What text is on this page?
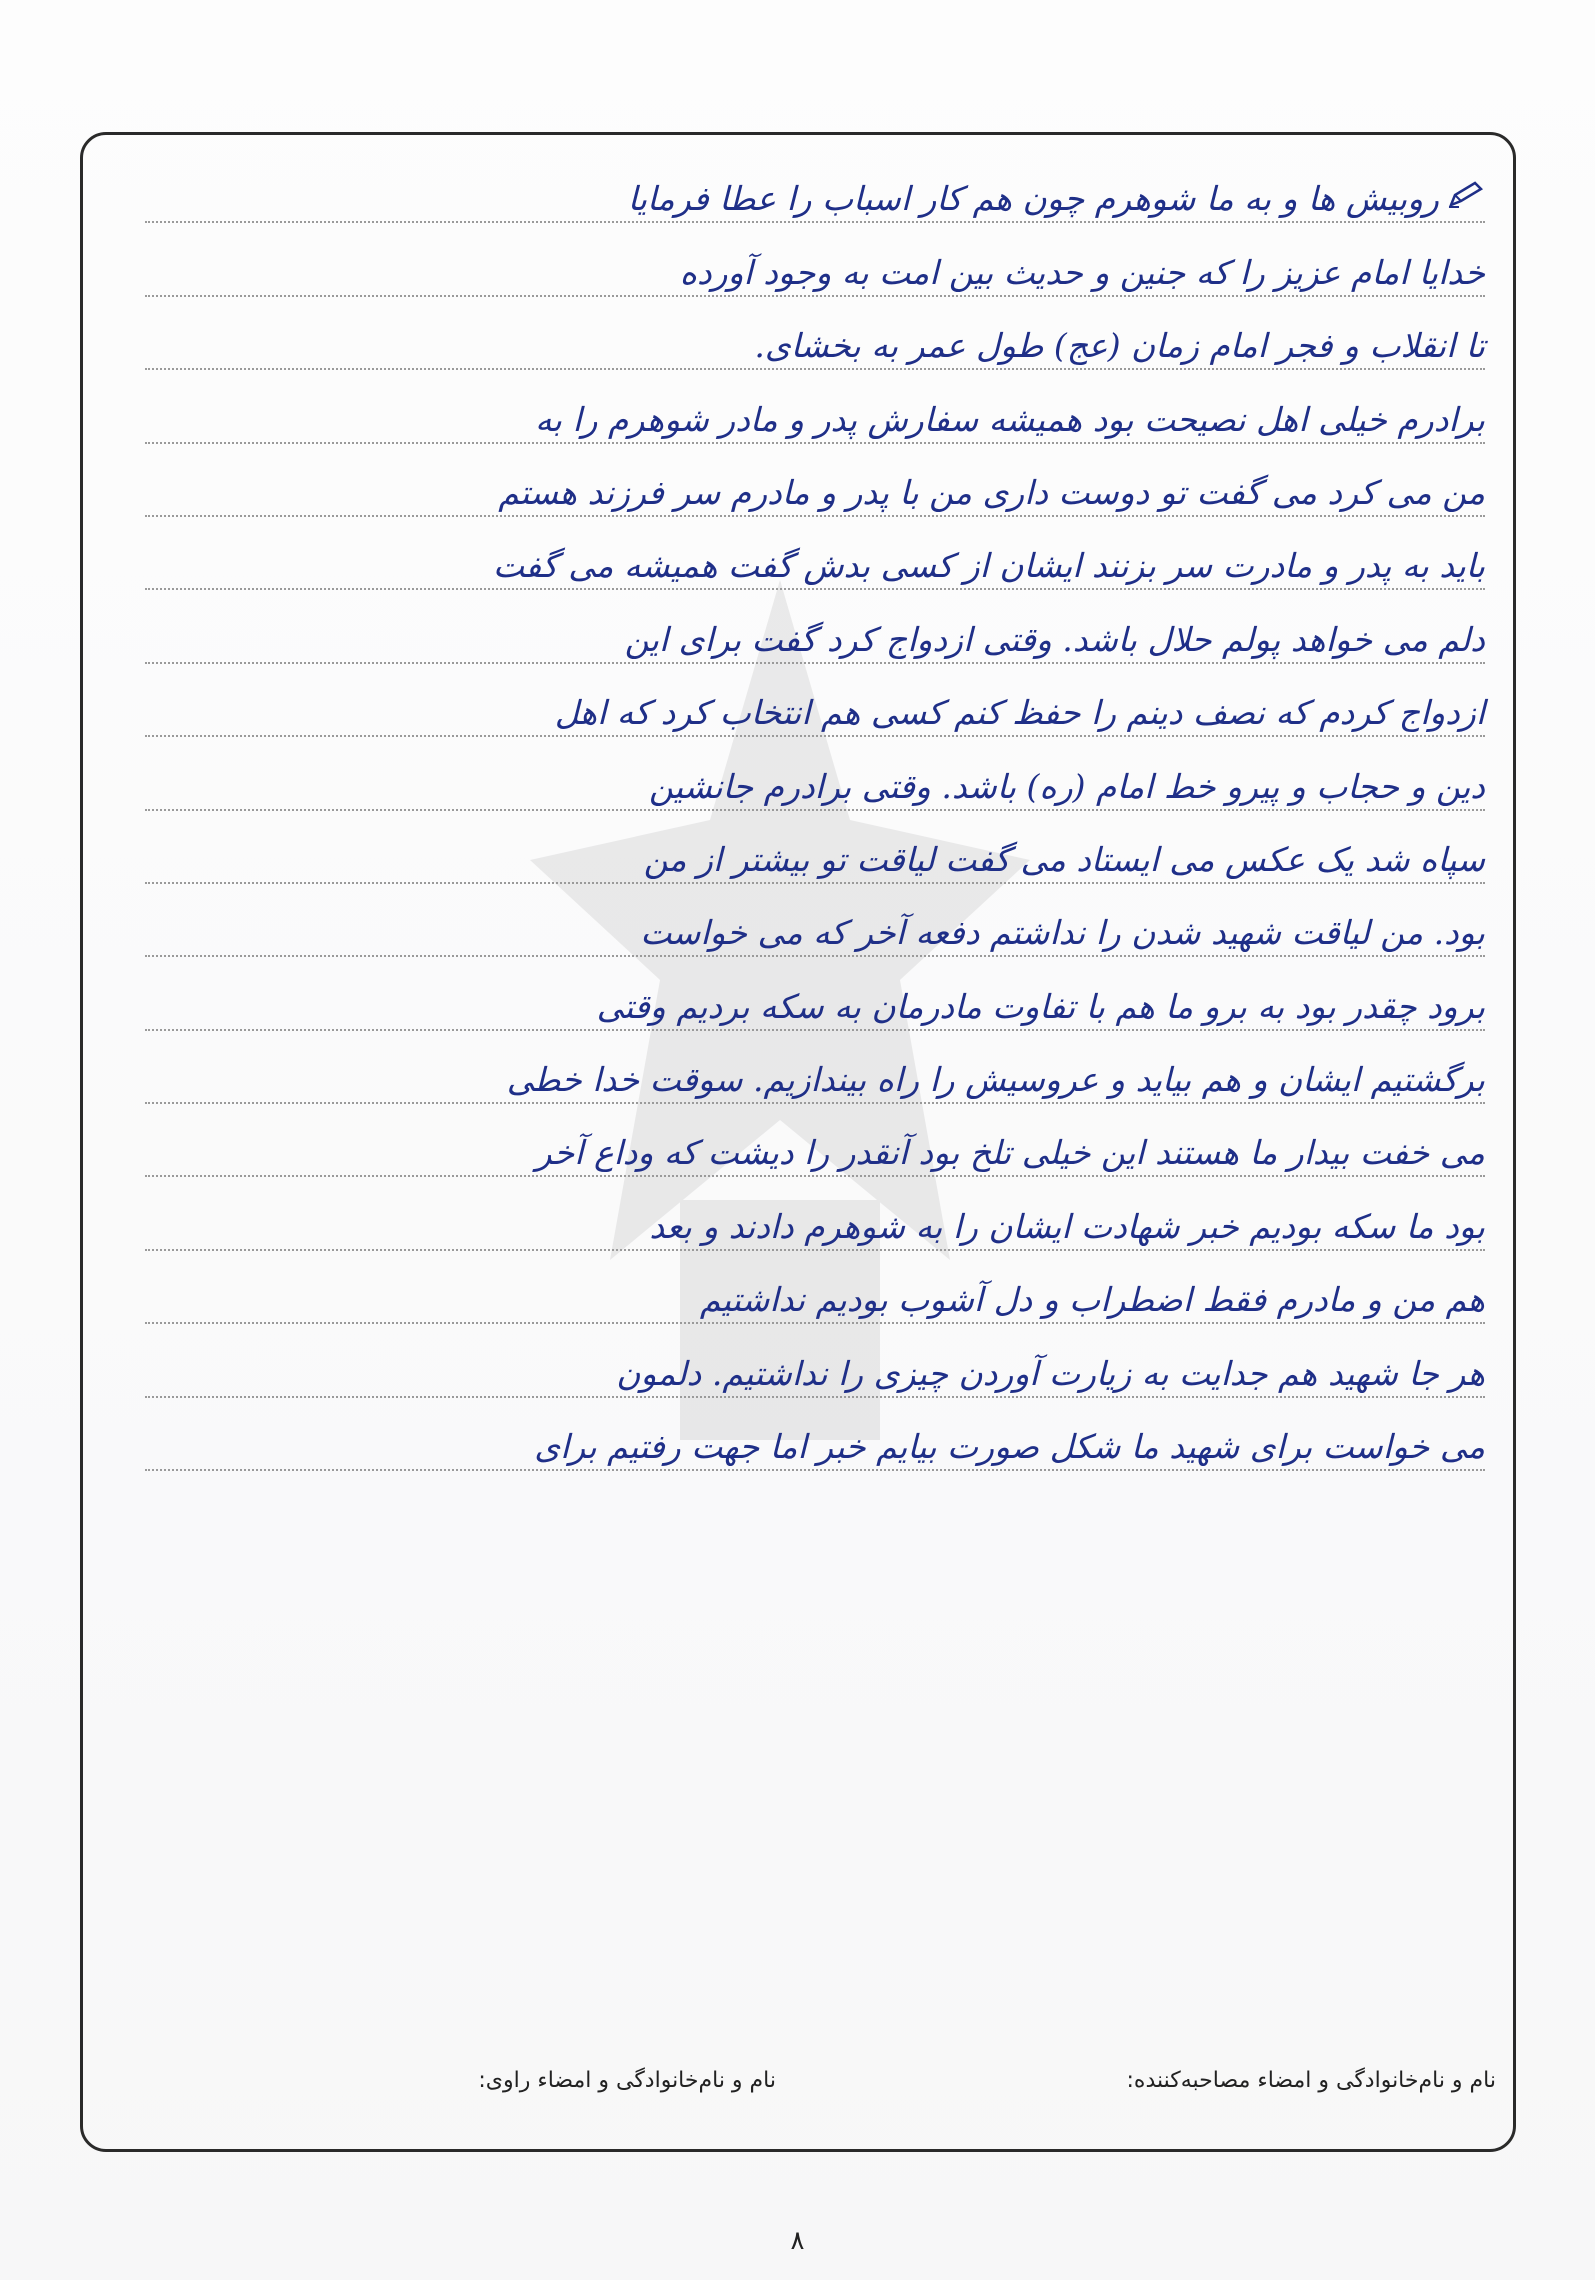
روبیش ها و به ما شوهرم چون هم کار اسباب را عطا فرمایا
خدایا امام عزیز را که جنین و حدیث بین امت به وجود آورده
تا انقلاب و فجر امام زمان (عج) طول عمر به بخشای.
برادرم خیلی اهل نصیحت بود همیشه سفارش پدر و مادر شوهرم را به
من می کرد می گفت تو دوست داری من با پدر و مادرم سر فرزند هستم
باید به پدر و مادرت سر بزنند ایشان از کسی بدش گفت همیشه می گفت
دلم می خواهد پولم حلال باشد. وقتی ازدواج کرد گفت برای این
ازدواج کردم که نصف دینم را حفظ کنم کسی هم انتخاب کرد که اهل
دین و حجاب و پیرو خط امام (ره) باشد. وقتی برادرم جانشین
سپاه شد یک عکس می ایستاد می گفت لیاقت تو بیشتر از من
بود. من لیاقت شهید شدن را نداشتم دفعه آخر که می خواست
برود چقدر بود به برو ما هم با تفاوت مادرمان به سکه بردیم وقتی
برگشتیم ایشان و هم بیاید و عروسیش را راه بیندازیم. سوقت خدا خطی
می خفت بیدار ما هستند این خیلی تلخ بود آنقدر را دیشت که وداع آخر
بود ما سکه بودیم خبر شهادت ایشان را به شوهرم دادند و بعد
هم من و مادرم فقط اضطراب و دل آشوب بودیم نداشتیم
هر جا شهید هم جدایت به زیارت آوردن چیزی را نداشتیم. دلمون
می خواست برای شهید ما شکل صورت بیایم خبر اما جهت رفتیم برای
نام و نام‌خانوادگی و امضاء مصاحبه‌کننده:
نام و نام‌خانوادگی و امضاء راوی:
۸
